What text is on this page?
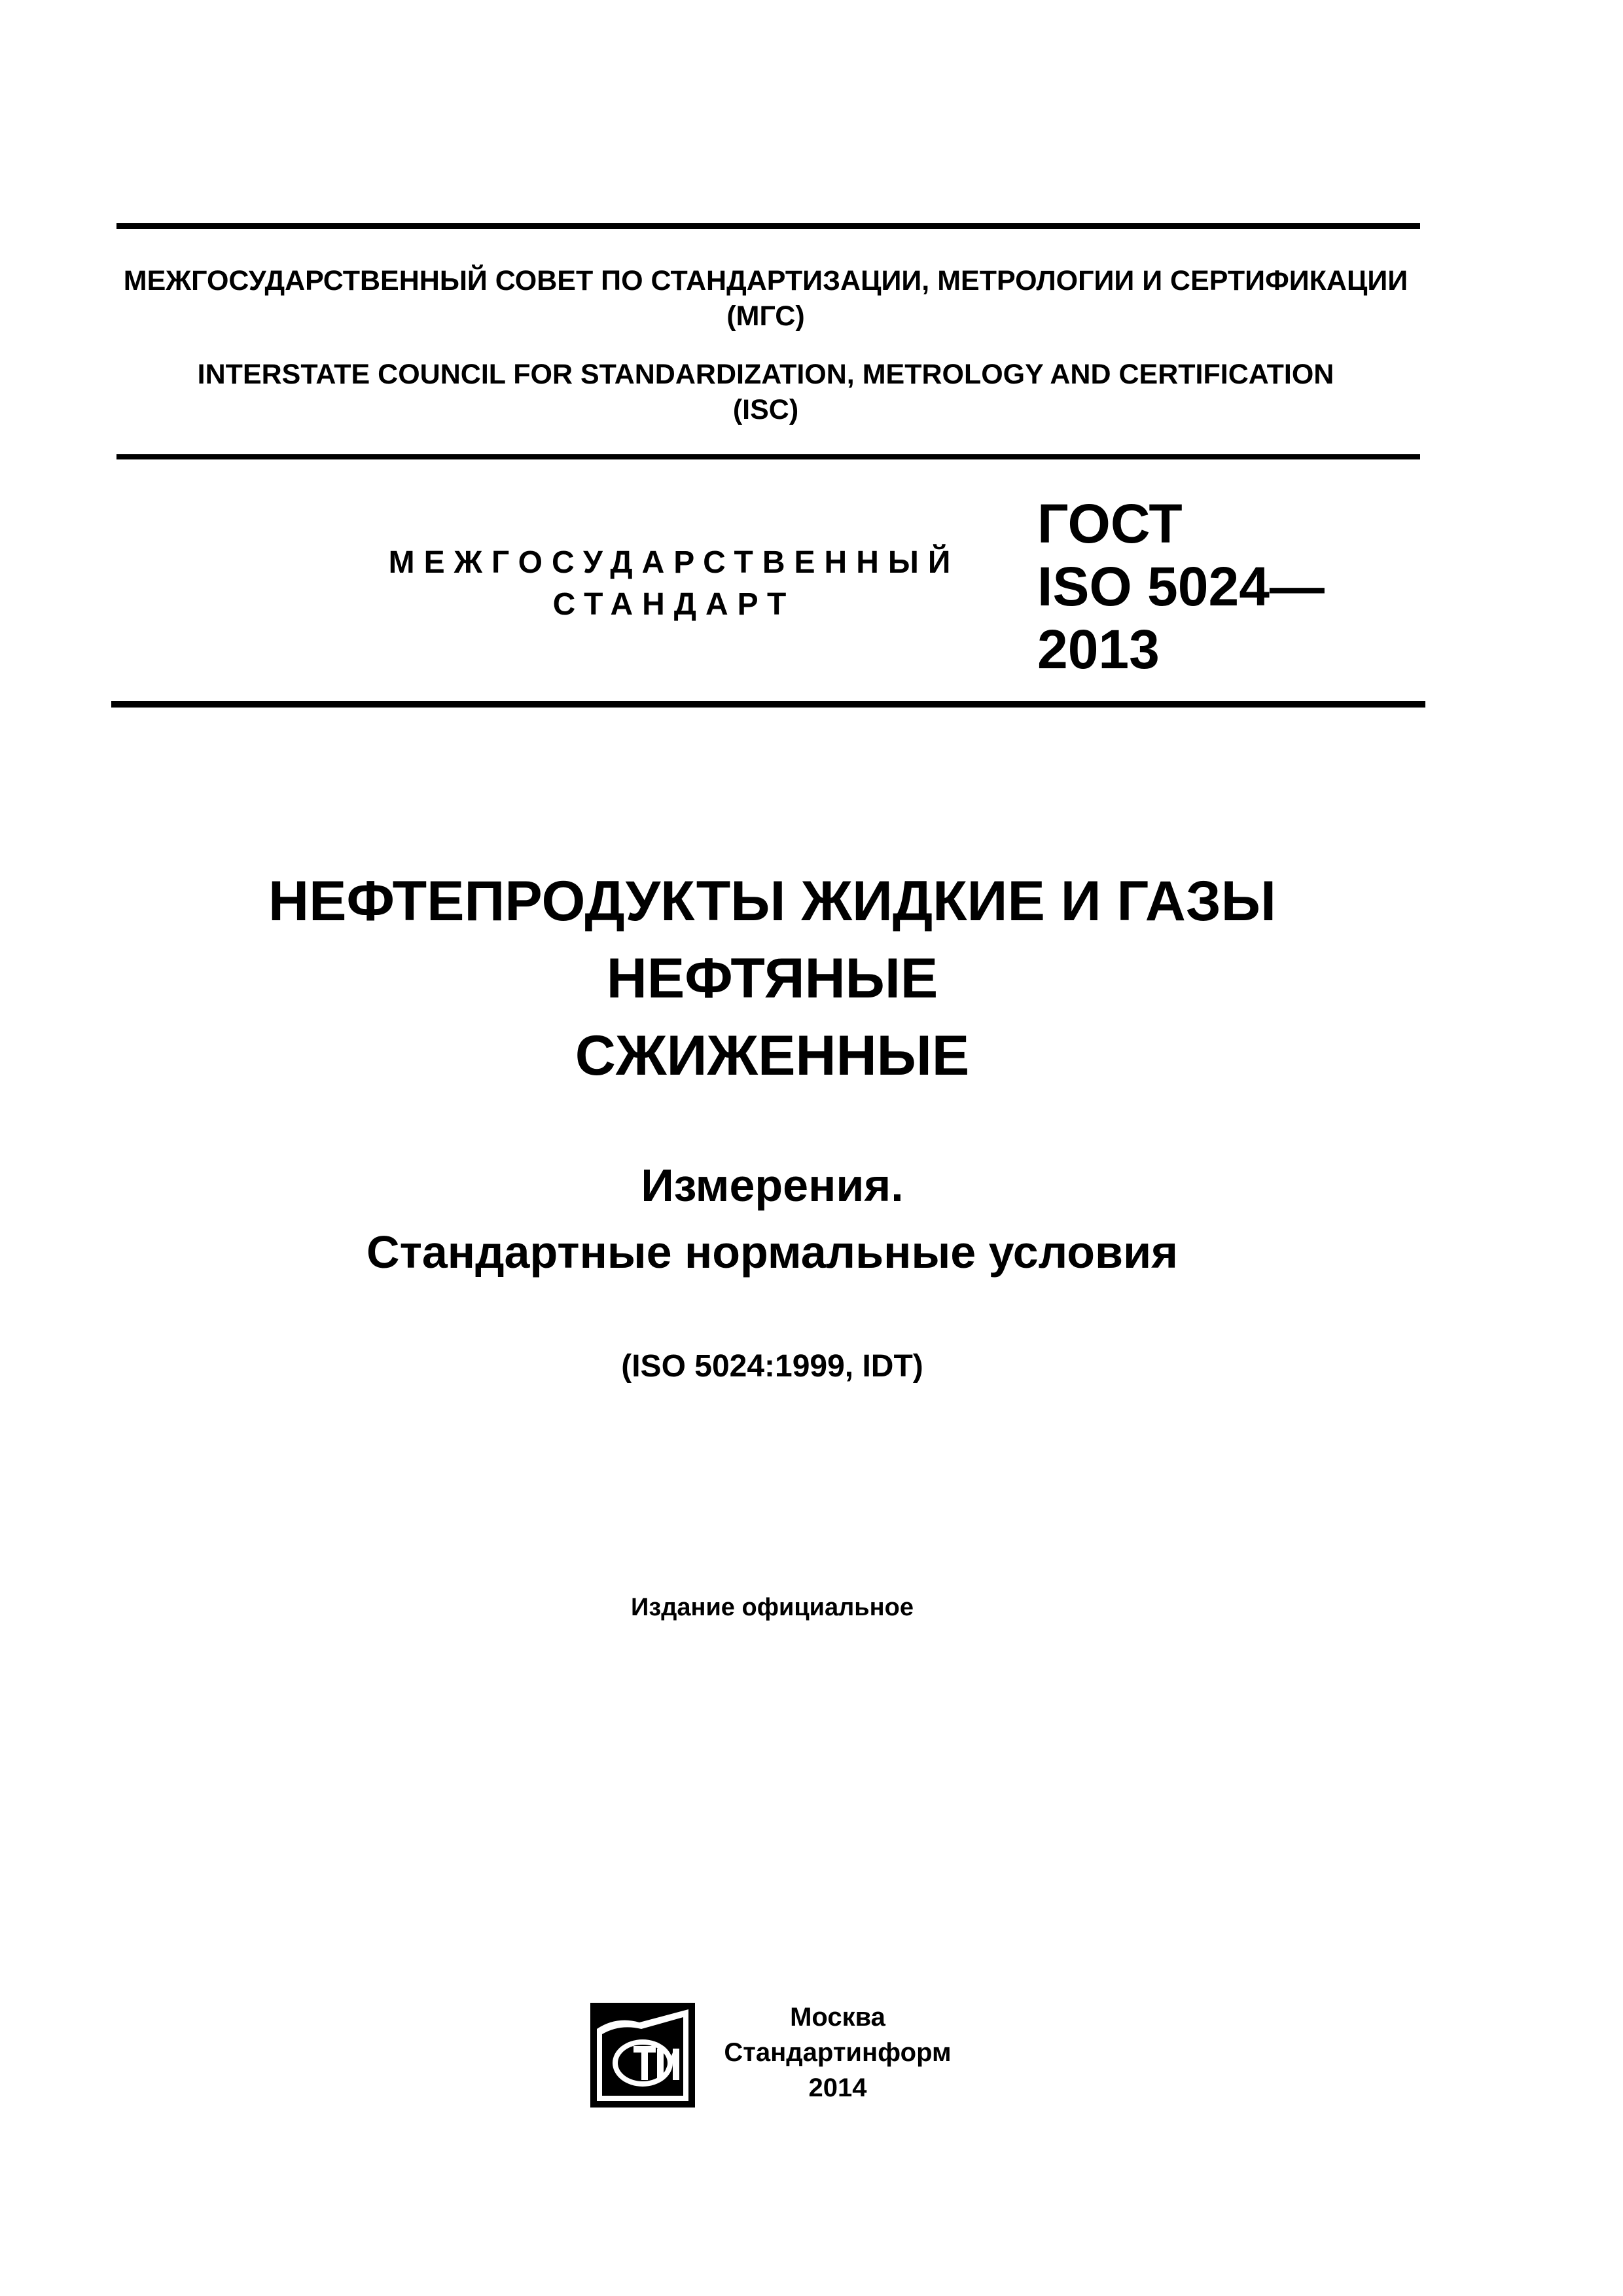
МЕЖГОСУДАРСТВЕННЫЙ СОВЕТ ПО СТАНДАРТИЗАЦИИ, МЕТРОЛОГИИ И СЕРТИФИКАЦИИ
(МГС)
INTERSTATE COUNCIL FOR STANDARDIZATION, METROLOGY AND CERTIFICATION
(ISC)
МЕЖГОСУДАРСТВЕННЫЙ
СТАНДАРТ
ГОСТ
ISO 5024—
2013
НЕФТЕПРОДУКТЫ ЖИДКИЕ И ГАЗЫ
НЕФТЯНЫЕ
СЖИЖЕННЫЕ
Измерения.
Стандартные нормальные условия
(ISO 5024:1999, IDT)
Издание официальное
Москва
Стандартинформ
2014
